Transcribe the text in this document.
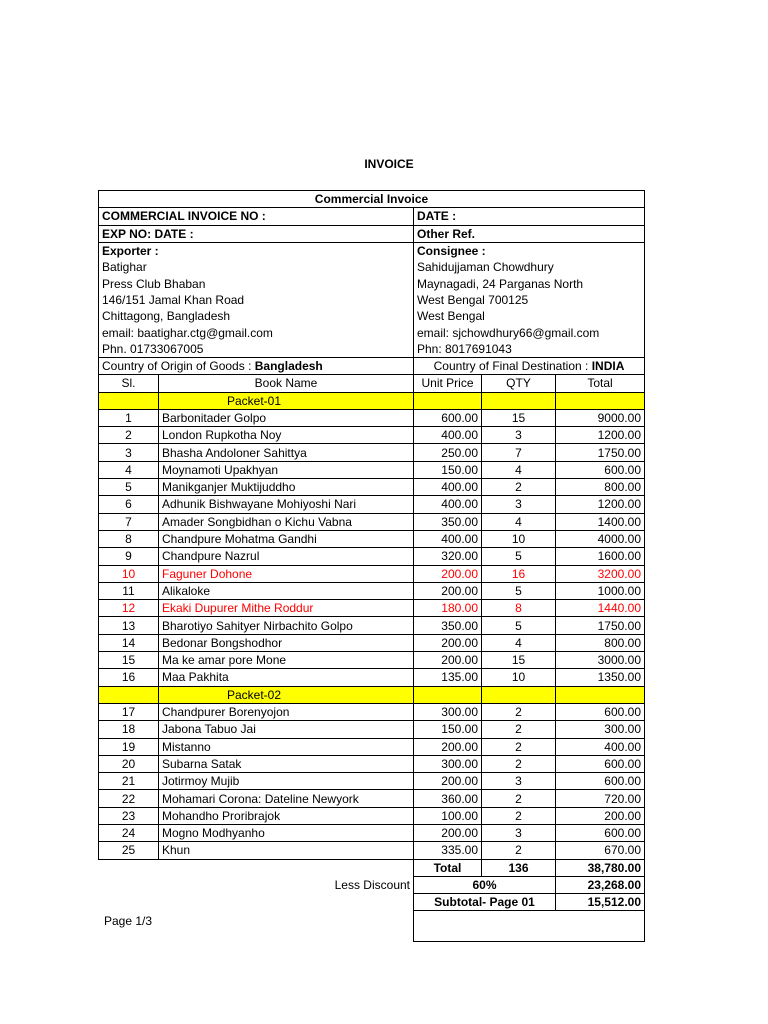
INVOICE
Commercial Invoice				
COMMERCIAL INVOICE NO :		DATE :		
EXP NO: DATE :		Other Ref.		
Exporter :		Consignee :		
Batighar		Sahidujjaman Chowdhury		
Press Club Bhaban		Maynagadi, 24 Parganas North		
146/151 Jamal Khan Road		West Bengal 700125		
Chittagong, Bangladesh		West Bengal		
email: baatighar.ctg@gmail.com		email: sjchowdhury66@gmail.com		
Phn. 01733067005		Phn: 8017691043		
Country of Origin of Goods : Bangladesh		Country of Final Destination : INDIA		
Sl.	Book Name	Unit Price	QTY	Total
	Packet-01			
1	Barbonitader Golpo	600.00	15	9000.00
2	London Rupkotha Noy	400.00	3	1200.00
3	Bhasha Andoloner Sahittya	250.00	7	1750.00
4	Moynamoti Upakhyan	150.00	4	600.00
5	Manikganjer Muktijuddho	400.00	2	800.00
6	Adhunik Bishwayane Mohiyoshi Nari	400.00	3	1200.00
7	Amader Songbidhan o Kichu Vabna	350.00	4	1400.00
8	Chandpure Mohatma Gandhi	400.00	10	4000.00
9	Chandpure Nazrul	320.00	5	1600.00
10	Faguner Dohone	200.00	16	3200.00
11	Alikaloke	200.00	5	1000.00
12	Ekaki Dupurer Mithe Roddur	180.00	8	1440.00
13	Bharotiyo Sahityer Nirbachito Golpo	350.00	5	1750.00
14	Bedonar Bongshodhor	200.00	4	800.00
15	Ma ke amar pore Mone	200.00	15	3000.00
16	Maa Pakhita	135.00	10	1350.00
	Packet-02			
17	Chandpurer Borenyojon	300.00	2	600.00
18	Jabona Tabuo Jai	150.00	2	300.00
19	Mistanno	200.00	2	400.00
20	Subarna Satak	300.00	2	600.00
21	Jotirmoy Mujib	200.00	3	600.00
22	Mohamari Corona: Dateline Newyork	360.00	2	720.00
23	Mohandho Proribrajok	100.00	2	200.00
24	Mogno Modhyanho	200.00	3	600.00
25	Khun	335.00	2	670.00
		Total	136	38,780.00
Less Discount		60%		23,268.00
		Subtotal- Page 01		15,512.00

Page 1/3
